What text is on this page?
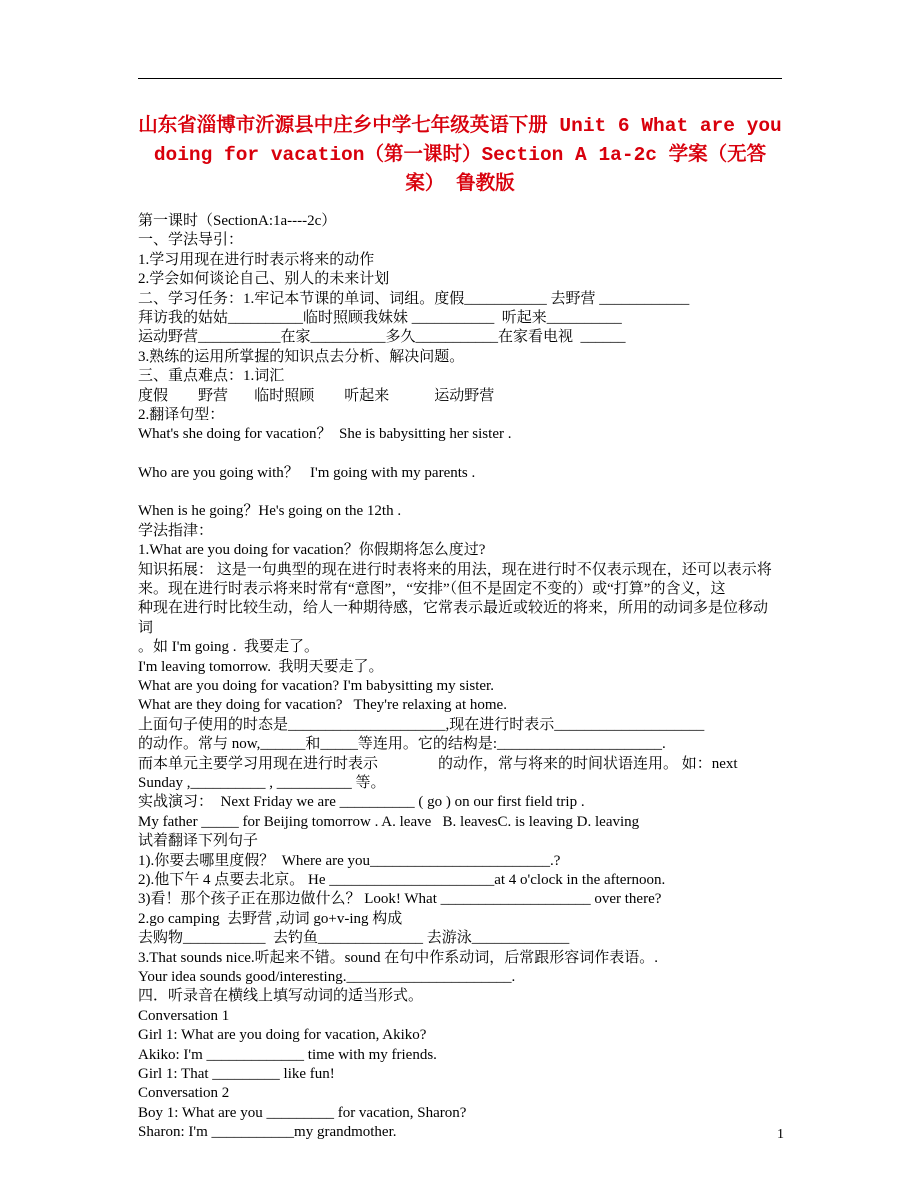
山东省淄博市沂源县中庄乡中学七年级英语下册 Unit 6 What are you doing for vacation（第一课时）Section A 1a-2c 学案（无答案） 鲁教版
第一课时（SectionA:1a----2c）
一、学法导引：
1.学习用现在进行时表示将来的动作
2.学会如何谈论自己、别人的未来计划
二、学习任务：1.牢记本节课的单词、词组。度假___________ 去野营 ____________
拜访我的姑姑__________临时照顾我妹妹 ___________  听起来__________
运动野营___________在家__________多久___________在家看电视  ______
3.熟练的运用所掌握的知识点去分析、解决问题。
三、重点难点：1.词汇
度假        野营       临时照顾        听起来            运动野营
2.翻译句型：
What's she doing for vacation？  She is babysitting her sister .
Who are you going with？   I'm going with my parents .
When is he going？He's going on the 12th .
学法指津：
1.What are you doing for vacation？你假期将怎么度过?
知识拓展： 这是一句典型的现在进行时表将来的用法，现在进行时不仅表示现在，还可以表示将
来。现在进行时表示将来时常有“意图”，“安排”（但不是固定不变的）或“打算”的含义，这
种现在进行时比较生动，给人一种期待感，它常表示最近或较近的将来，所用的动词多是位移动词
。如 I'm going .  我要走了。
I'm leaving tomorrow.  我明天要走了。
What are you doing for vacation? I'm babysitting my sister.
What are they doing for vacation?   They're relaxing at home.
上面句子使用的时态是_____________________,现在进行时表示____________________
的动作。常与 now,______和_____等连用。它的结构是:______________________.
而本单元主要学习用现在进行时表示　　　　的动作，常与将来的时间状语连用。 如：next
Sunday ,__________ , __________ 等。
实战演习：  Next Friday we are __________ ( go ) on our first field trip .
My father _____ for Beijing tomorrow . A. leave   B. leavesC. is leaving D. leaving
试着翻译下列句子
1).你要去哪里度假？  Where are you________________________.?
2).他下午 4 点要去北京。 He ______________________at 4 o'clock in the afternoon.
3)看！那个孩子正在那边做什么？ Look! What ____________________ over there?
2.go camping  去野营 ,动词 go+v-ing 构成
去购物___________  去钓鱼______________ 去游泳_____________
3.That sounds nice.听起来不错。sound 在句中作系动词，后常跟形容词作表语。.
Your idea sounds good/interesting.______________________.
四．听录音在横线上填写动词的适当形式。
Conversation 1
Girl 1: What are you doing for vacation, Akiko?
Akiko: I'm _____________ time with my friends.
Girl 1: That _________ like fun!
Conversation 2
Boy 1: What are you _________ for vacation, Sharon?
Sharon: I'm ___________my grandmother.	1
